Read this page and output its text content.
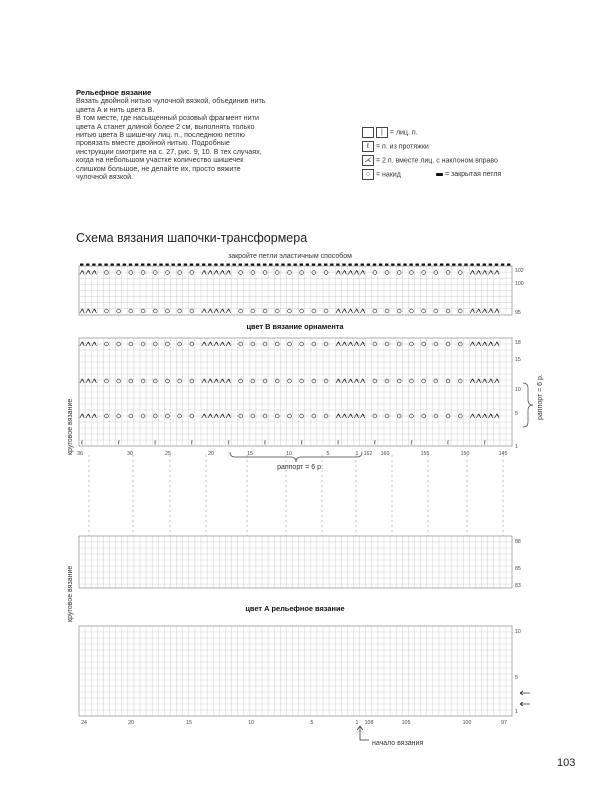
Рельефное вязание
Вязать двойной нитью чулочной вязкой, объединив нить
цвета А и нить цвета В.
В том месте, где насыщенный розовый фрагмент нити
цвета А станет длиной более 2 см, выполнять только
нитью цвета В шишечку лиц. п., последнюю петлю
провязать вместе двойной нитью. Подробные
инструкции смотрите на с. 27, рис. 9, 10. В тех случаях,
когда на небольшом участке количество шишечек
слишком большое, не делайте их, просто вяжите
чулочной вязкой.
| = лиц. п.
ℓ = п. из протяжки
⋌ = 2 п. вместе лиц. с наклоном вправо
○ = накид	= закрытая петля
Схема вязания шапочки-трансформера
ℓ	ℓ	ℓ	ℓ	ℓ	ℓ	ℓ	ℓ	ℓ	ℓ	ℓ	ℓ
закройте петли эластичным способом
цвет В вязание орнамента
цвет А рельефное вязание
круговое вязание
круговое вязание
раппорт = 6 р.
раппорт = 6 р.
начало вязания
102
100
95
18
15
10
5
1
88
85
83
10
5
1
36	30	25	20	15	10	5	1 162 160	155	150	145
24	20	15	10	5	1 108	105	100	97
103
